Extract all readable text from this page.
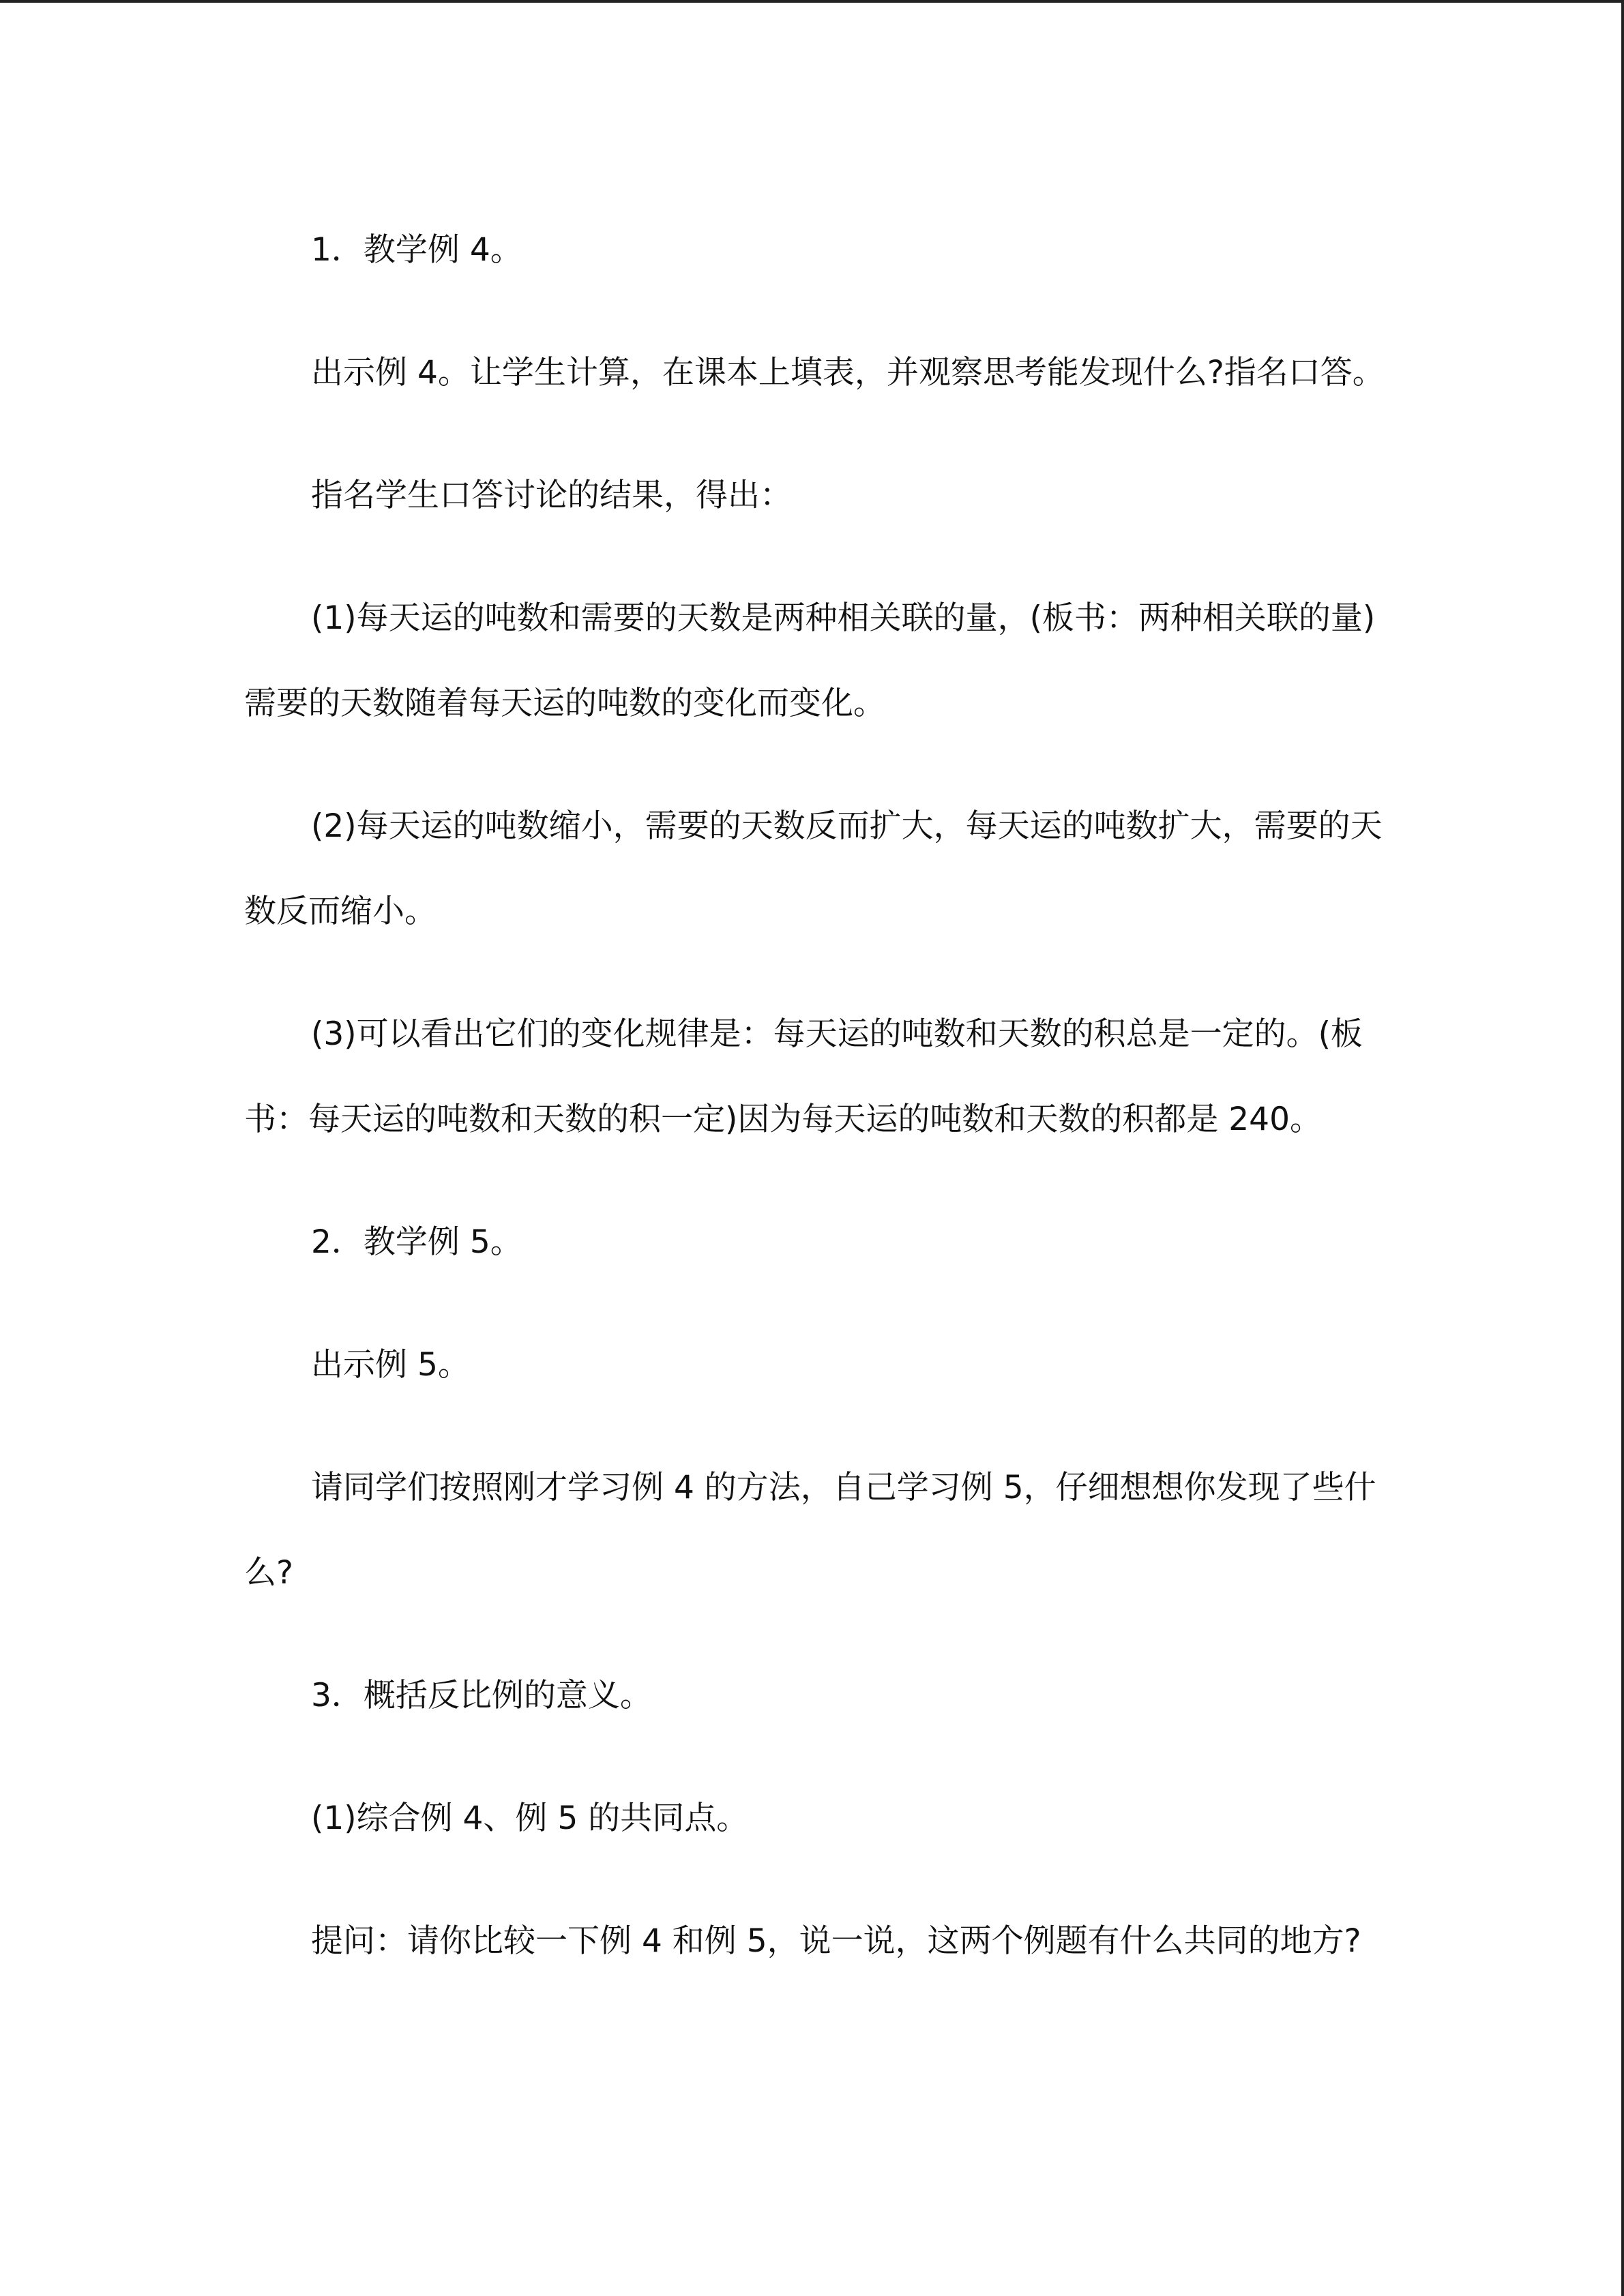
1．教学例 4。

出示例 4。让学生计算，在课本上填表，并观察思考能发现什么?指名口答。

指名学生口答讨论的结果，得出：

(1)每天运的吨数和需要的天数是两种相关联的量，(板书：两种相关联的量)需要的天数随着每天运的吨数的变化而变化。

(2)每天运的吨数缩小，需要的天数反而扩大，每天运的吨数扩大，需要的天数反而缩小。

(3)可以看出它们的变化规律是：每天运的吨数和天数的积总是一定的。(板书：每天运的吨数和天数的积一定)因为每天运的吨数和天数的积都是 240。

2．教学例 5。

出示例 5。

请同学们按照刚才学习例 4 的方法，自己学习例 5，仔细想想你发现了些什么?

3．概括反比例的意义。

(1)综合例 4、例 5 的共同点。

提问：请你比较一下例 4 和例 5，说一说，这两个例题有什么共同的地方?
